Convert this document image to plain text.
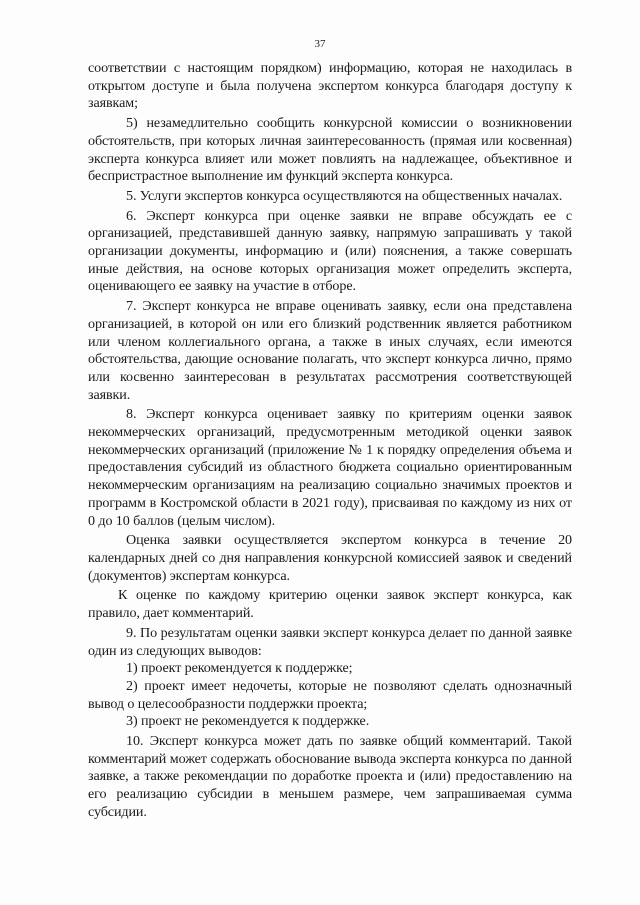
37

соответствии с настоящим порядком) информацию, которая не находилась в открытом доступе и была получена экспертом конкурса благодаря доступу к заявкам;

5) незамедлительно сообщить конкурсной комиссии о возникновении обстоятельств, при которых личная заинтересованность (прямая или косвенная) эксперта конкурса влияет или может повлиять на надлежащее, объективное и беспристрастное выполнение им функций эксперта конкурса.

5. Услуги экспертов конкурса осуществляются на общественных началах.

6. Эксперт конкурса при оценке заявки не вправе обсуждать ее с организацией, представившей данную заявку, напрямую запрашивать у такой организации документы, информацию и (или) пояснения, а также совершать иные действия, на основе которых организация может определить эксперта, оценивающего ее заявку на участие в отборе.

7. Эксперт конкурса не вправе оценивать заявку, если она представлена организацией, в которой он или его близкий родственник является работником или членом коллегиального органа, а также в иных случаях, если имеются обстоятельства, дающие основание полагать, что эксперт конкурса лично, прямо или косвенно заинтересован в результатах рассмотрения соответствующей заявки.

8. Эксперт конкурса оценивает заявку по критериям оценки заявок некоммерческих организаций, предусмотренным методикой оценки заявок некоммерческих организаций (приложение № 1 к порядку определения объема и предоставления субсидий из областного бюджета социально ориентированным некоммерческим организациям на реализацию социально значимых проектов и программ в Костромской области в 2021 году), присваивая по каждому из них от 0 до 10 баллов (целым числом).

Оценка заявки осуществляется экспертом конкурса в течение 20 календарных дней со дня направления конкурсной комиссией заявок и сведений (документов) экспертам конкурса.

К оценке по каждому критерию оценки заявок эксперт конкурса, как правило, дает комментарий.

9. По результатам оценки заявки эксперт конкурса делает по данной заявке один из следующих выводов:

1) проект рекомендуется к поддержке;

2) проект имеет недочеты, которые не позволяют сделать однозначный вывод о целесообразности поддержки проекта;

3) проект не рекомендуется к поддержке.

10. Эксперт конкурса может дать по заявке общий комментарий. Такой комментарий может содержать обоснование вывода эксперта конкурса по данной заявке, а также рекомендации по доработке проекта и (или) предоставлению на его реализацию субсидии в меньшем размере, чем запрашиваемая сумма субсидии.
